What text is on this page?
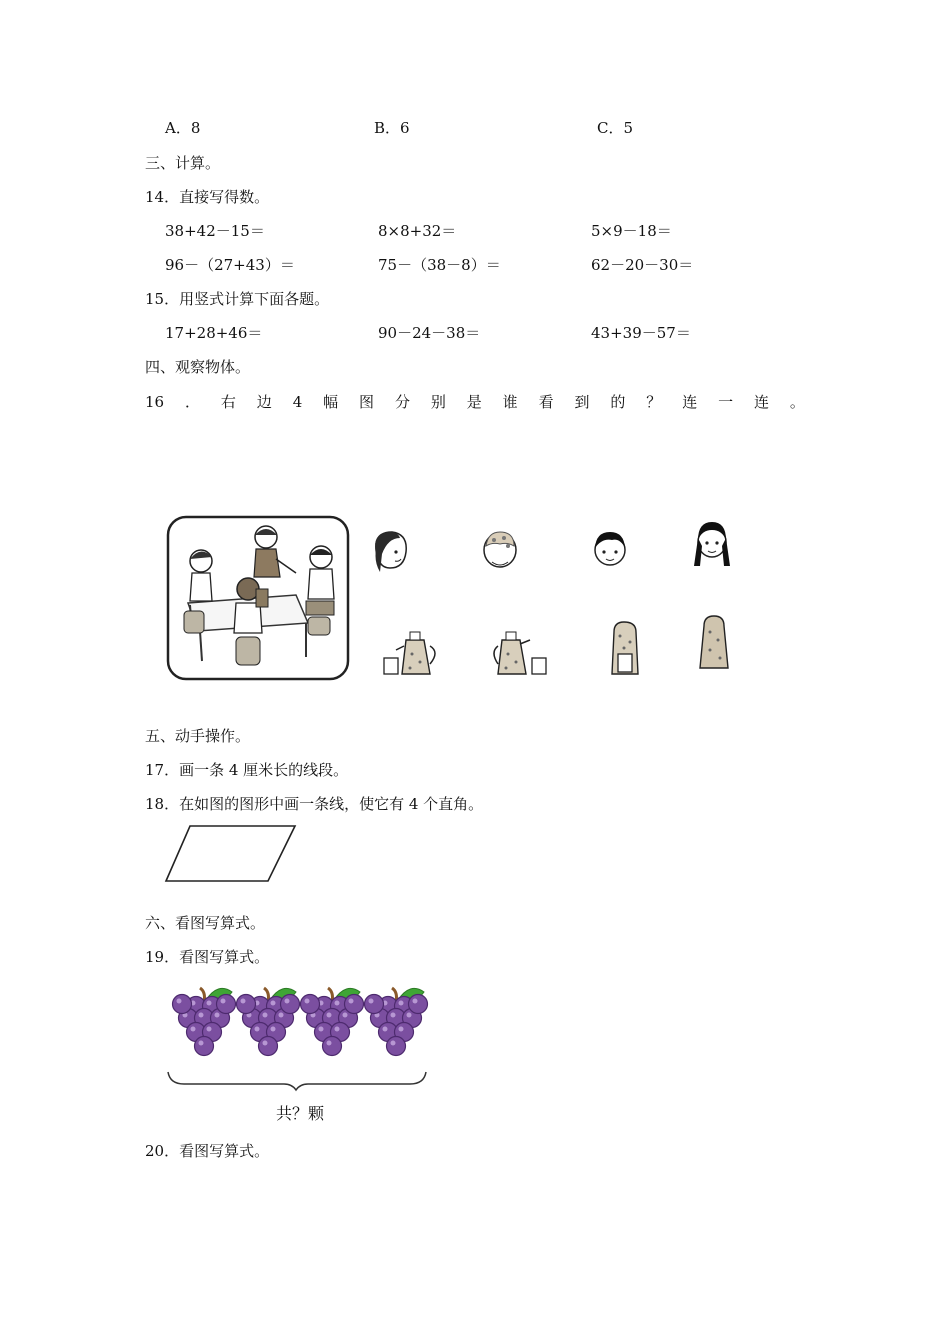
A．8	B．6	C．5
三、计算。
14．直接写得数。
38+42－15＝	8×8+32＝	5×9－18＝
96－（27+43）＝	75－（38－8）＝	62－20－30＝
15．用竖式计算下面各题。
17+28+46＝	90－24－38＝	43+39－57＝
四、观察物体。
16 ． 右 边 4 幅 图 分 别 是 谁 看 到 的 ？ 连 一 连 。
五、动手操作。
17．画一条 4 厘米长的线段。
18．在如图的图形中画一条线，使它有 4 个直角。
六、看图写算式。
19．看图写算式。
共？颗
20．看图写算式。
